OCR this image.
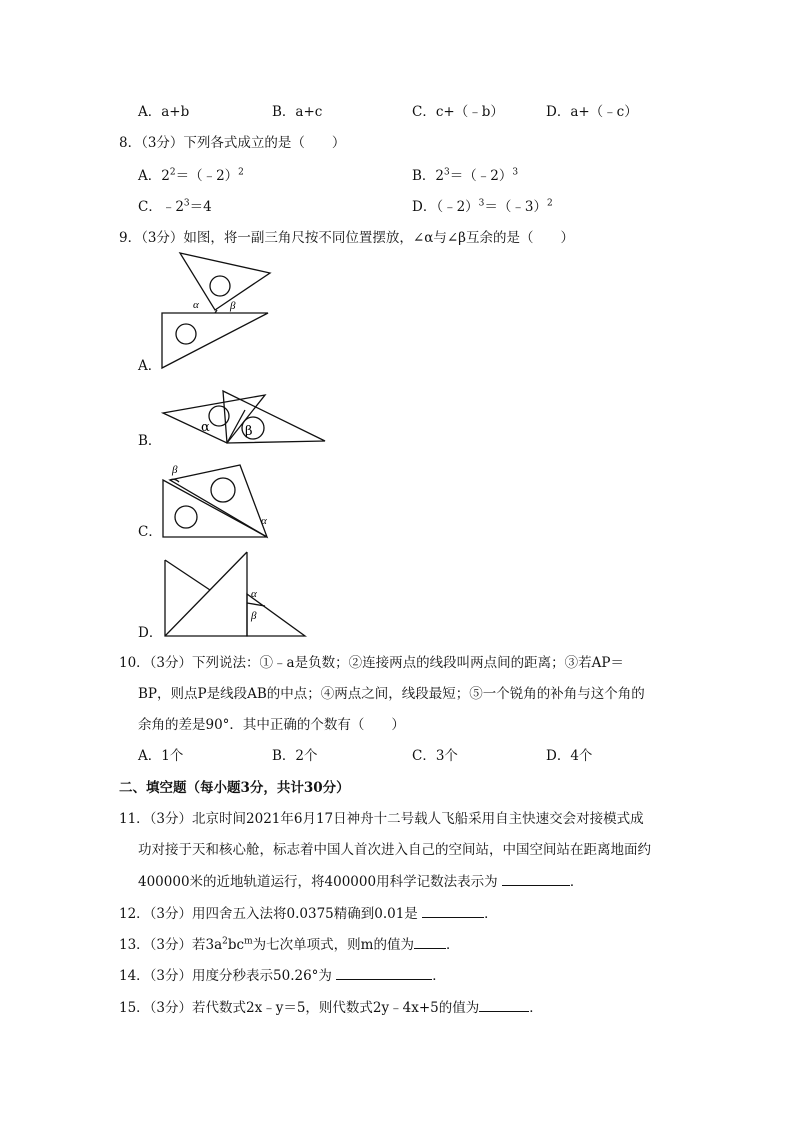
A．a+b	B．a+c	C．c+（﹣b）	D．a+（﹣c）
8．（3分）下列各式成立的是（　　）
A．$2^2=(﹣2)^2$	B．$2^3=(﹣2)^3$
C．$﹣2^3=4$	D．（﹣2）$^3$＝（﹣3）$^2$
9．（3分）如图，将一副三角尺按不同位置摆放，∠α与∠β互余的是（　　）
α	β
A．
α	β
B．
β
α
C．
α
β
D．
10．（3分）下列说法：①﹣a是负数；②连接两点的线段叫两点间的距离；③若AP＝
BP，则点P是线段AB的中点；④两点之间，线段最短；⑤一个锐角的补角与这个角的
余角的差是90°．其中正确的个数有（　　）
A．1个	B．2个	C．3个	D．4个
二、填空题（每小题3分，共计30分）
11．（3分）北京时间2021年6月17日神舟十二号载人飞船采用自主快速交会对接模式成
功对接于天和核心舱，标志着中国人首次进入自己的空间站，中国空间站在距离地面约
400000米的近地轨道运行，将400000用科学记数法表示为	．
12．（3分）用四舍五入法将0.0375精确到0.01是	．
13．（3分）若$3a^2bc^m$为七次单项式，则m的值为 ．
14．（3分）用度分秒表示50.26°为	．
15．（3分）若代数式2x﹣y＝5，则代数式2y﹣4x+5的值为	．
